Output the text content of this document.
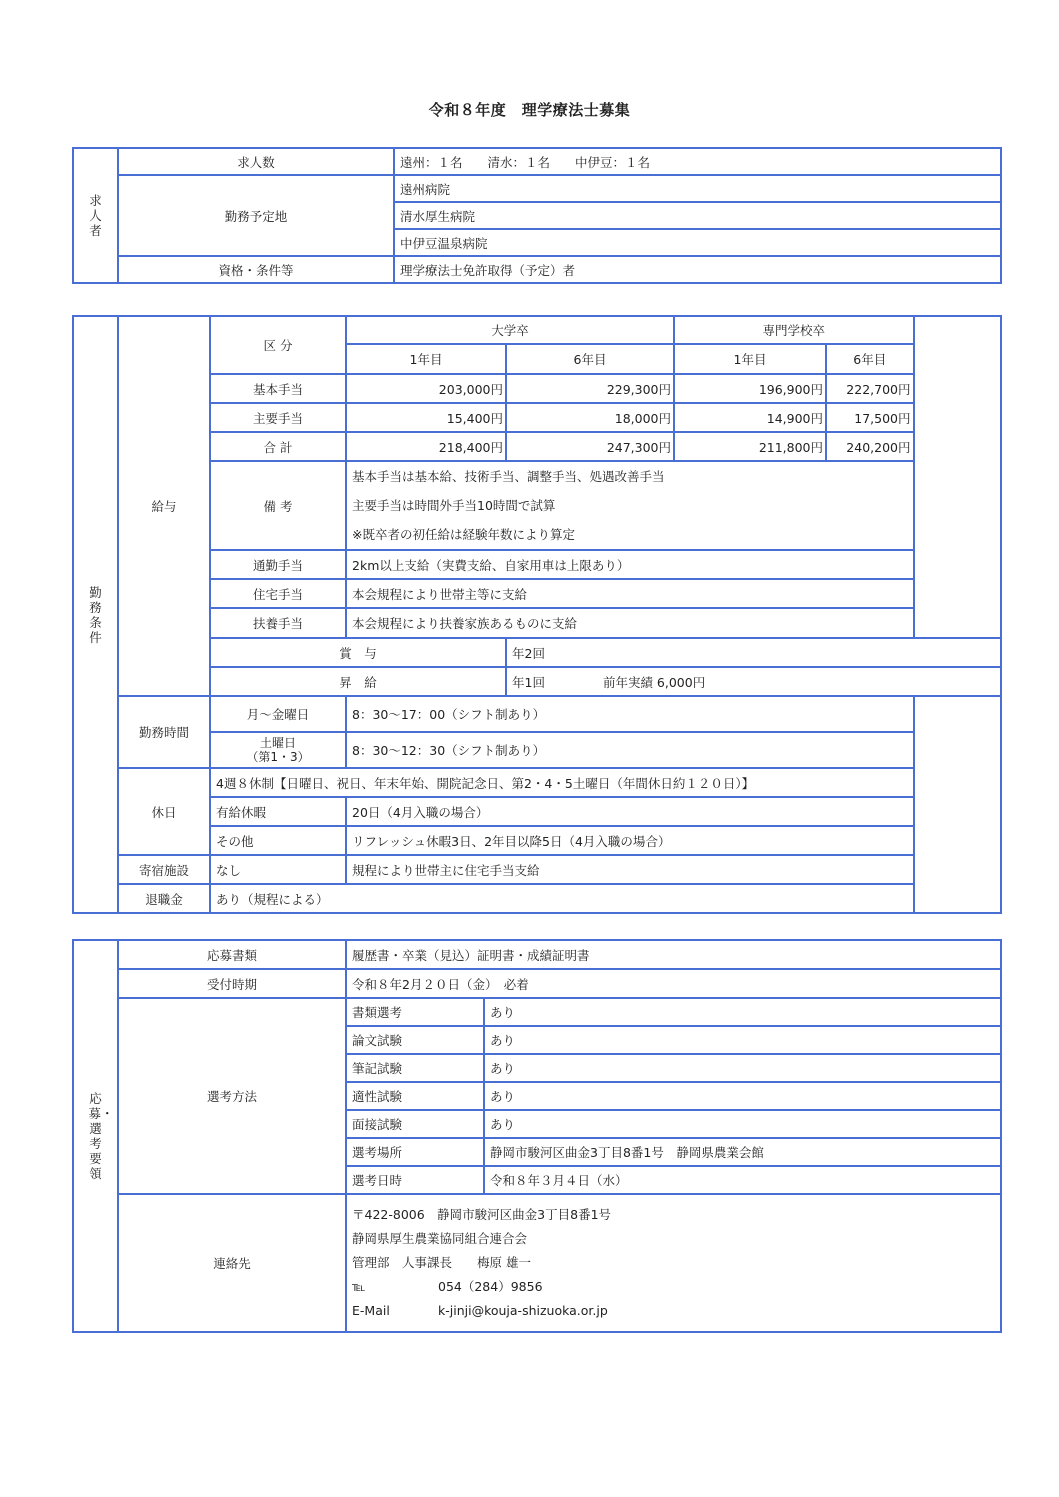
令和８年度　理学療法士募集
求人者	求人数	遠州：１名　　清水：１名　　中伊豆：１名
	勤務予定地	遠州病院
		清水厚生病院
		中伊豆温泉病院
	資格・条件等	理学療法士免許取得（予定）者
勤務条件	給与	区 分	大学卒		専門学校卒	
			1年目	6年目	1年目	6年目
		基本手当	203,000円	229,300円	196,900円	222,700円
		主要手当	15,400円	18,000円	14,900円	17,500円
		合 計	218,400円	247,300円	211,800円	240,200円
		備 考	基本手当は基本給、技術手当、調整手当、処遇改善手当
主要手当は時間外手当10時間で試算
※既卒者の初任給は経験年数により算定			

		通勤手当	2km以上支給（実費支給、自家用車は上限あり）			
		住宅手当	本会規程により世帯主等に支給			
		扶養手当	本会規程により扶養家族あるものに支給			
		賞　与		年2回		
		昇　給		年1回 前年実績 6,000円		
	勤務時間	月～金曜日	8：30～17：00（シフト制あり）			

		土曜日
（第1・3）	8：30～12：30（シフト制あり）			
	休日	4週８休制【日曜日、祝日、年末年始、開院記念日、第2・4・5土曜日（年間休日約１２０日）】				
		有給休暇	20日（4月入職の場合）			
		その他	リフレッシュ休暇3日、2年目以降5日（4月入職の場合）			
	寄宿施設	なし	規程により世帯主に住宅手当支給			
	退職金	あり（規程による）				
応募・選考要領	応募書類	履歴書・卒業（見込）証明書・成績証明書	
	受付時期	令和８年2月２０日（金）　必着	
	選考方法	書類選考	あり
		論文試験	あり
		筆記試験	あり
		適性試験	あり
		面接試験	あり
		選考場所	静岡市駿河区曲金3丁目8番1号　静岡県農業会館
		選考日時	令和８年３月４日（水）
	連絡先	〒422-8006　静岡市駿河区曲金3丁目8番1号
静岡県厚生農業協同組合連合会
管理部　人事課長　　梅原 雄一
℡ 054（284）9856
E-Mail k-jinji@kouja-shizuoka.or.jp	
